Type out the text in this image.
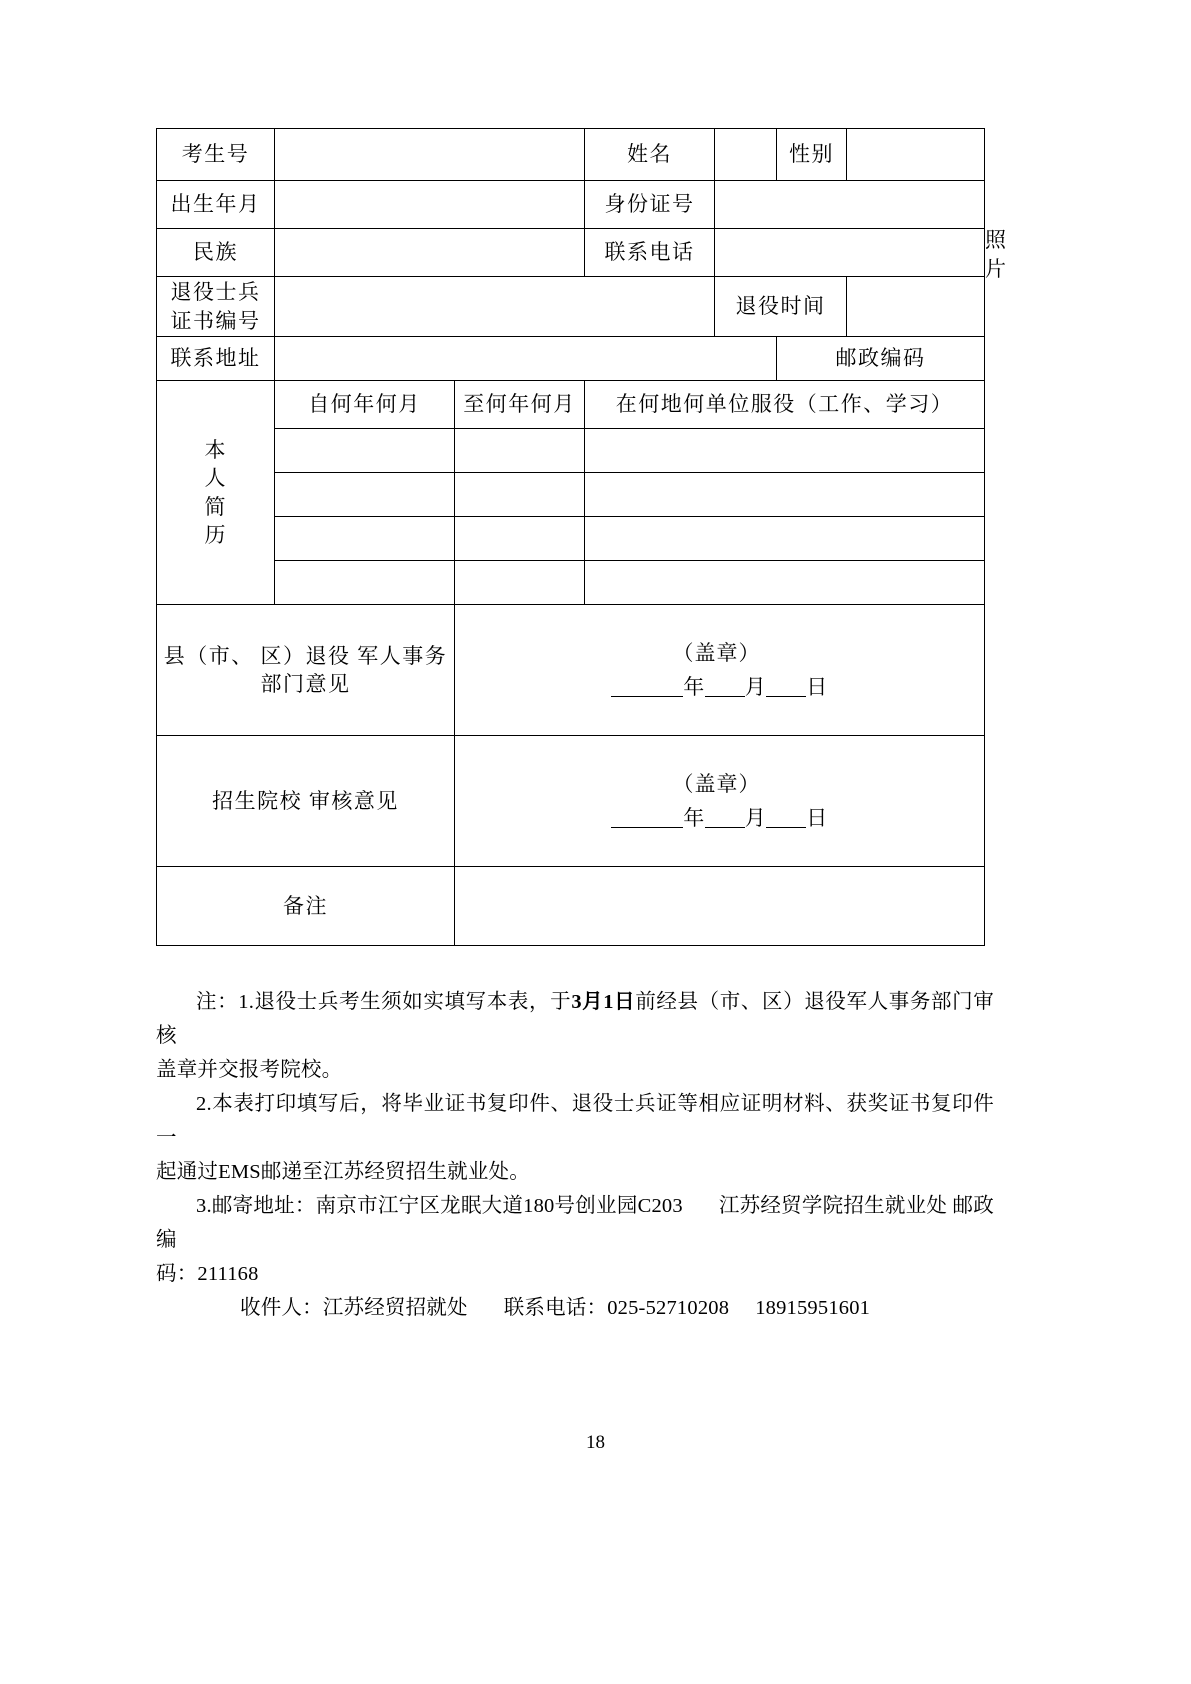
考生号			姓名		性别		照片
出生年月			身份证号				
民族			联系电话				
退役士兵 证书编号				退役时间			
联系地址					邮政编码		

本
人
简
历	自何年何月	至何年何月	在何地何单位服役（工作、学习）				

县（市、 区）退役 军人事务 部门意见		（盖章）
年 月 日					

招生院校 审核意见		（盖章）
年 月 日					

备注							

注：1.退役士兵考生须如实填写本表，于3月1日前经县（市、区）退役军人事务部门审核

盖章并交报考院校。

2.本表打印填写后，将毕业证书复印件、退役士兵证等相应证明材料、获奖证书复印件一

起通过EMS邮递至江苏经贸招生就业处。

3.邮寄地址：南京市江宁区龙眠大道180号创业园C203 江苏经贸学院招生就业处 邮政编

码：211168

收件人：江苏经贸招就处 联系电话：025-52710208 18915951601

18
